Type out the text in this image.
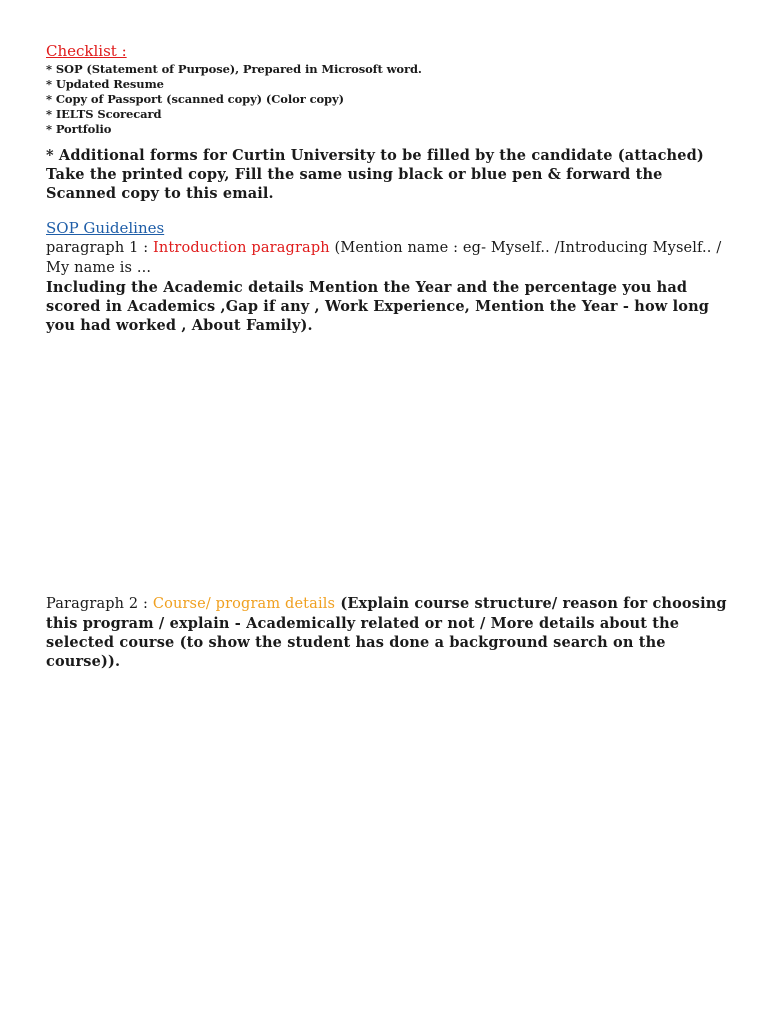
Checklist :
* SOP (Statement of Purpose), Prepared in Microsoft word.
* Updated Resume
* Copy of Passport (scanned copy) (Color copy)
* IELTS Scorecard
* Portfolio
* Additional forms for Curtin University to be filled by the candidate (attached) Take the printed copy, Fill the same using black or blue pen & forward the Scanned copy to this email.
SOP Guidelines
paragraph 1 : Introduction paragraph (Mention name : eg- Myself.. /Introducing Myself.. / My name is ...
Including the Academic details Mention the Year and the percentage you had scored in Academics ,Gap if any , Work Experience, Mention the Year - how long you had worked , About Family).
Paragraph 2 : Course/ program details (Explain course structure/ reason for choosing this program / explain - Academically related or not / More details about the selected course (to show the student has done a background search on the course)).
